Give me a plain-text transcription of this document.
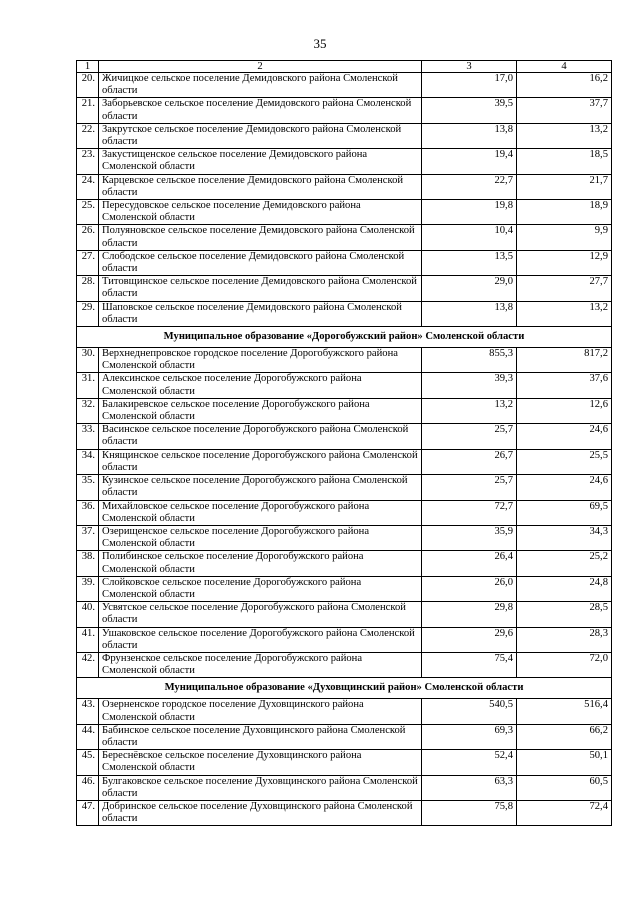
35
1	2	3	4
20.	Жичицкое сельское поселение Демидовского района Смоленской области	17,0	16,2
21.	Заборьевское сельское поселение Демидовского района Смоленской области	39,5	37,7
22.	Закрутское сельское поселение Демидовского района Смоленской области	13,8	13,2
23.	Закустищенское сельское поселение Демидовского района Смоленской области	19,4	18,5
24.	Карцевское сельское поселение Демидовского района Смоленской области	22,7	21,7
25.	Пересудовское сельское поселение Демидовского района Смоленской области	19,8	18,9
26.	Полуяновское сельское поселение Демидовского района Смоленской области	10,4	9,9
27.	Слободское сельское поселение Демидовского района Смоленской области	13,5	12,9
28.	Титовщинское сельское поселение Демидовского района Смоленской области	29,0	27,7
29.	Шаповское сельское поселение Демидовского района Смоленской области	13,8	13,2
Муниципальное образование «Дорогобужский район» Смоленской области			
30.	Верхнеднепровское городское поселение Дорогобужского района Смоленской области	855,3	817,2
31.	Алексинское сельское поселение Дорогобужского района Смоленской области	39,3	37,6
32.	Балакиревское сельское поселение Дорогобужского района Смоленской области	13,2	12,6
33.	Васинское сельское поселение Дорогобужского района Смоленской области	25,7	24,6
34.	Княщинское сельское поселение Дорогобужского района Смоленской области	26,7	25,5
35.	Кузинское сельское поселение Дорогобужского района Смоленской области	25,7	24,6
36.	Михайловское сельское поселение Дорогобужского района Смоленской области	72,7	69,5
37.	Озерищенское сельское поселение Дорогобужского района Смоленской области	35,9	34,3
38.	Полибинское сельское поселение Дорогобужского района Смоленской области	26,4	25,2
39.	Слойковское сельское поселение Дорогобужского района Смоленской области	26,0	24,8
40.	Усвятское сельское поселение Дорогобужского района Смоленской области	29,8	28,5
41.	Ушаковское сельское поселение Дорогобужского района Смоленской области	29,6	28,3
42.	Фрунзенское сельское поселение Дорогобужского района Смоленской области	75,4	72,0
Муниципальное образование «Духовщинский район» Смоленской области			
43.	Озерненское городское поселение Духовщинского района Смоленской области	540,5	516,4
44.	Бабинское сельское поселение Духовщинского района Смоленской области	69,3	66,2
45.	Береснёвское сельское поселение Духовщинского района Смоленской области	52,4	50,1
46.	Булгаковское сельское поселение Духовщинского района Смоленской области	63,3	60,5
47.	Добринское сельское поселение Духовщинского района Смоленской области	75,8	72,4
